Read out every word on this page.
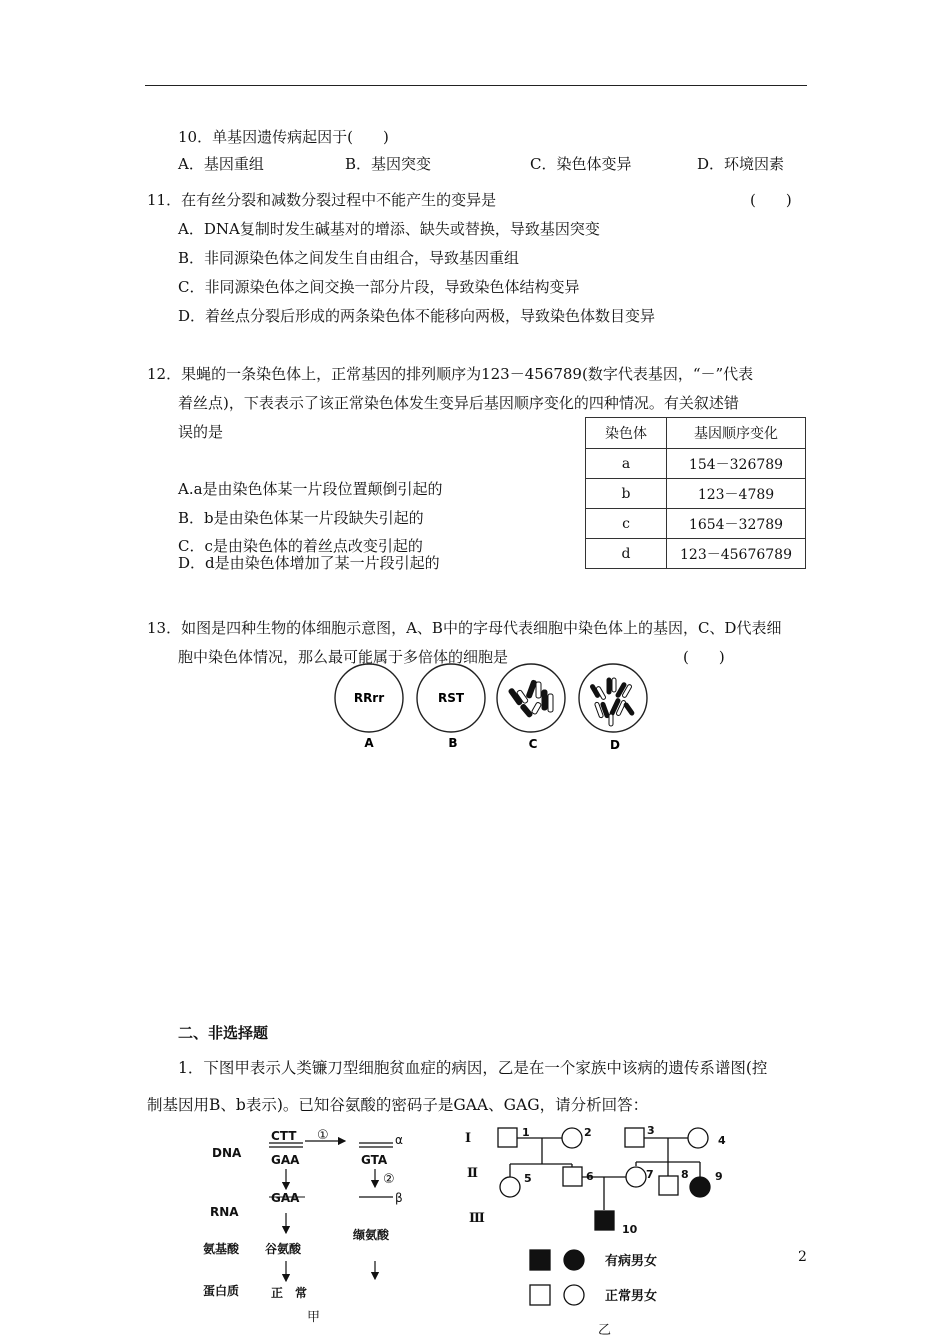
10．单基因遗传病起因于(　　)
A．基因重组	B．基因突变	C．染色体变异	D．环境因素
11．在有丝分裂和减数分裂过程中不能产生的变异是	(　　)
A．DNA复制时发生碱基对的增添、缺失或替换，导致基因突变
B．非同源染色体之间发生自由组合，导致基因重组
C．非同源染色体之间交换一部分片段，导致染色体结构变异
D．着丝点分裂后形成的两条染色体不能移向两极，导致染色体数目变异
12．果蝇的一条染色体上，正常基因的排列顺序为123－456789(数字代表基因，“－”代表
着丝点)，下表表示了该正常染色体发生变异后基因顺序变化的四种情况。有关叙述错
误的是
A.a是由染色体某一片段位置颠倒引起的
B．b是由染色体某一片段缺失引起的
C．c是由染色体的着丝点改变引起的
D．d是由染色体增加了某一片段引起的
染色体	基因顺序变化
a	154－326789
b	123－4789
c	1654－32789
d	123－45676789
13．如图是四种生物的体细胞示意图，A、B中的字母代表细胞中染色体上的基因，C、D代表细
胞中染色体情况，那么最可能属于多倍体的细胞是	(　　)
RRrr
A
RST
B	C	D
二、非选择题
1．下图甲表示人类镰刀型细胞贫血症的病因，乙是在一个家族中该病的遗传系谱图(控
制基因用B、b表示)。已知谷氨酸的密码子是GAA、GAG，请分析回答：
DNA
RNA
氨基酸
蛋白质
CTT
GAA
①	α
GTA
②
GAA	β
谷氨酸
缬氨酸
正　常
甲
Ⅰ
Ⅱ
Ⅲ
1	2	3
4
5	6	7 8 9
10
有病男女
正常男女
乙
2
